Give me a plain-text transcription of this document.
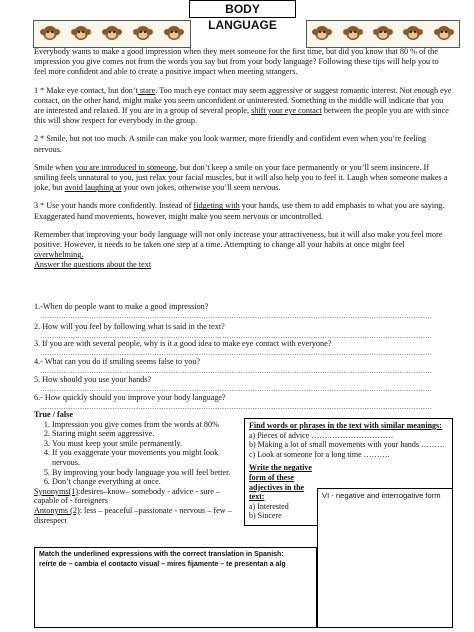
BODY LANGUAGE

Everybody wants to make a good impression when they meet someone for the first time, but did you know that 80 % of the impression you give comes not from the words you say but from your body language? Following these tips will help you to feel more confident and able to create a positive impact when meeting strangers.

1 * Make eye contact, but don’t stare. Too much eye contact may seem aggressive or suggest romantic interest. Not enough eye contact, on the other hand, might make you seem unconfident or uninterested. Something in the middle will indicate that you are interested and relaxed. If you are in a group of several people, shift your eye contact between the people you are with since this will show respect for everybody in the group.

2 * Smile, but not too much. A smile can make you look warmer, more friendly and confident even when you’re feeling nervous.

Smile when you are introduced to someone, but don’t keep a smile on your face permanently or you’ll seem insincere. If smiling feels unnatural to you, just relax your facial muscles, but it will also help you to feel it. Laugh when someone makes a joke, but avoid laughing at your own jokes, otherwise you’ll seem nervous.

3 * Use your hands more confidently. Instead of fidgeting with your hands, use them to add emphasis to what you are saying. Exaggerated hand movements, however, might make you seem nervous or uncontrolled.

Remember that improving your body language will not only increase your attractiveness, but it will also make you feel more positive. However, it needs to be taken one step at a time. Attempting to change all your habits at once might feel overwhelming.

Answer the questions about the text

1.-When do people want to make a good impression?
……………………………………………………………………………………………………………………………………………………
2. How will you feel by following what is said in the text?
……………………………………………………………………………………………………………………………………………………
3. If you are with several people, why is it a good idea to make eye contact with everyone?
……………………………………………………………………………………………………………………………………………………
4.- What can you do if smiling seems false to you?
……………………………………………………………………………………………………………………………………………………
5. How should you use your hands?
……………………………………………………………………………………………………………………………………………………
6.- How quickly should you improve your body language?
……………………………………………………………………………………………………………………………………………………
True / false
1. Impression you give comes from the words at 80%
2. Staring might seem aggressive.
3. You must keep your smile permanently.
4. If you exaggerate your movements you might look nervous.
5. By improving your body language you will feel better.
6. Don’t change everything at once.
Synonyms(1):desires–know– somebody - advice - sure – capable of - foreigners
Antonyms (2): less – peaceful –passionate - nervous – few – disrespect
Find words or phrases in the text with similar meanings:
a) Pieces of advice …… ……………………
b) Making a lot of small movements with your hands ………
c) Look at someone for a long time ……….
Write the negative form of these adjectives in the text:
a) Interested
b) Sincere
VI - negative and interrogative form
Match the underlined expressions with the correct translation in Spanish:
reírte de – cambia el contacto visual – mires fijamente – te presentan a alg
